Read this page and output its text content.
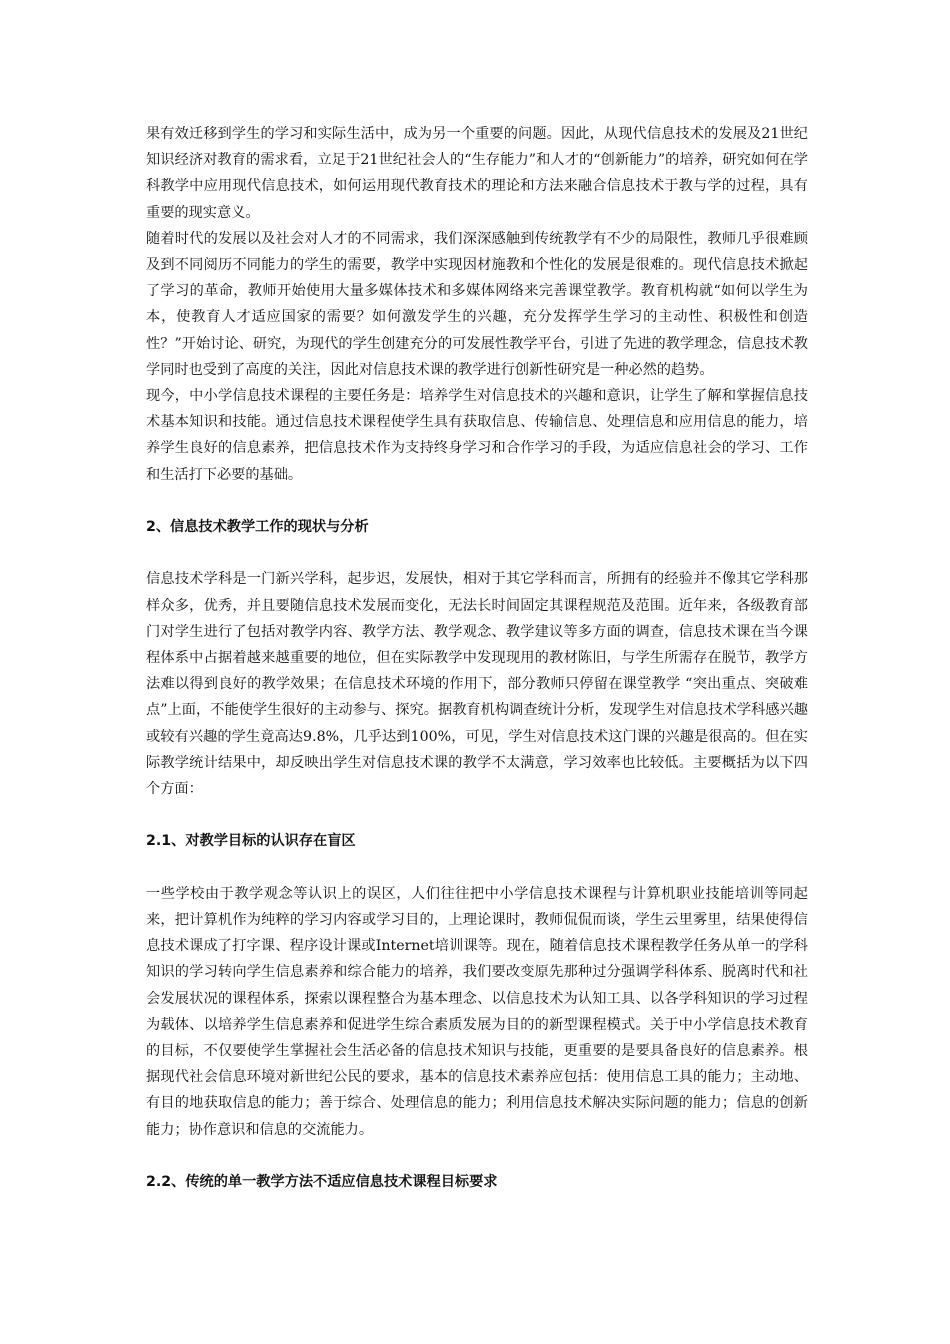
果有效迁移到学生的学习和实际生活中，成为另一个重要的问题。因此，从现代信息技术的发展及21世纪知识经济对教育的需求看，立足于21世纪社会人的“生存能力”和人才的“创新能力”的培养，研究如何在学科教学中应用现代信息技术，如何运用现代教育技术的理论和方法来融合信息技术于教与学的过程，具有重要的现实意义。

随着时代的发展以及社会对人才的不同需求，我们深深感触到传统教学有不少的局限性，教师几乎很难顾及到不同阅历不同能力的学生的需要，教学中实现因材施教和个性化的发展是很难的。现代信息技术掀起了学习的革命，教师开始使用大量多媒体技术和多媒体网络来完善课堂教学。教育机构就“如何以学生为本，使教育人才适应国家的需要？如何激发学生的兴趣，充分发挥学生学习的主动性、积极性和创造性？”开始讨论、研究，为现代的学生创建充分的可发展性教学平台，引进了先进的教学理念，信息技术教学同时也受到了高度的关注，因此对信息技术课的教学进行创新性研究是一种必然的趋势。

现今，中小学信息技术课程的主要任务是：培养学生对信息技术的兴趣和意识，让学生了解和掌握信息技术基本知识和技能。通过信息技术课程使学生具有获取信息、传输信息、处理信息和应用信息的能力，培养学生良好的信息素养，把信息技术作为支持终身学习和合作学习的手段，为适应信息社会的学习、工作和生活打下必要的基础。

2、信息技术教学工作的现状与分析

信息技术学科是一门新兴学科，起步迟，发展快，相对于其它学科而言，所拥有的经验并不像其它学科那样众多，优秀，并且要随信息技术发展而变化，无法长时间固定其课程规范及范围。近年来，各级教育部门对学生进行了包括对教学内容、教学方法、教学观念、教学建议等多方面的调查，信息技术课在当今课程体系中占据着越来越重要的地位，但在实际教学中发现现用的教材陈旧，与学生所需存在脱节，教学方法难以得到良好的教学效果；在信息技术环境的作用下，部分教师只停留在课堂教学 “突出重点、突破难点”上面，不能使学生很好的主动参与、探究。据教育机构调查统计分析，发现学生对信息技术学科感兴趣或较有兴趣的学生竟高达9.8%，几乎达到100%，可见，学生对信息技术这门课的兴趣是很高的。但在实际教学统计结果中，却反映出学生对信息技术课的教学不太满意，学习效率也比较低。主要概括为以下四个方面：

2.1、对教学目标的认识存在盲区

一些学校由于教学观念等认识上的误区，人们往往把中小学信息技术课程与计算机职业技能培训等同起来，把计算机作为纯粹的学习内容或学习目的，上理论课时，教师侃侃而谈，学生云里雾里，结果使得信息技术课成了打字课、程序设计课或Internet培训课等。现在，随着信息技术课程教学任务从单一的学科知识的学习转向学生信息素养和综合能力的培养，我们要改变原先那种过分强调学科体系、脱离时代和社会发展状况的课程体系，探索以课程整合为基本理念、以信息技术为认知工具、以各学科知识的学习过程为载体、以培养学生信息素养和促进学生综合素质发展为目的的新型课程模式。关于中小学信息技术教育的目标，不仅要使学生掌握社会生活必备的信息技术知识与技能，更重要的是要具备良好的信息素养。根据现代社会信息环境对新世纪公民的要求，基本的信息技术素养应包括：使用信息工具的能力；主动地、有目的地获取信息的能力；善于综合、处理信息的能力；利用信息技术解决实际问题的能力；信息的创新能力；协作意识和信息的交流能力。

2.2、传统的单一教学方法不适应信息技术课程目标要求
